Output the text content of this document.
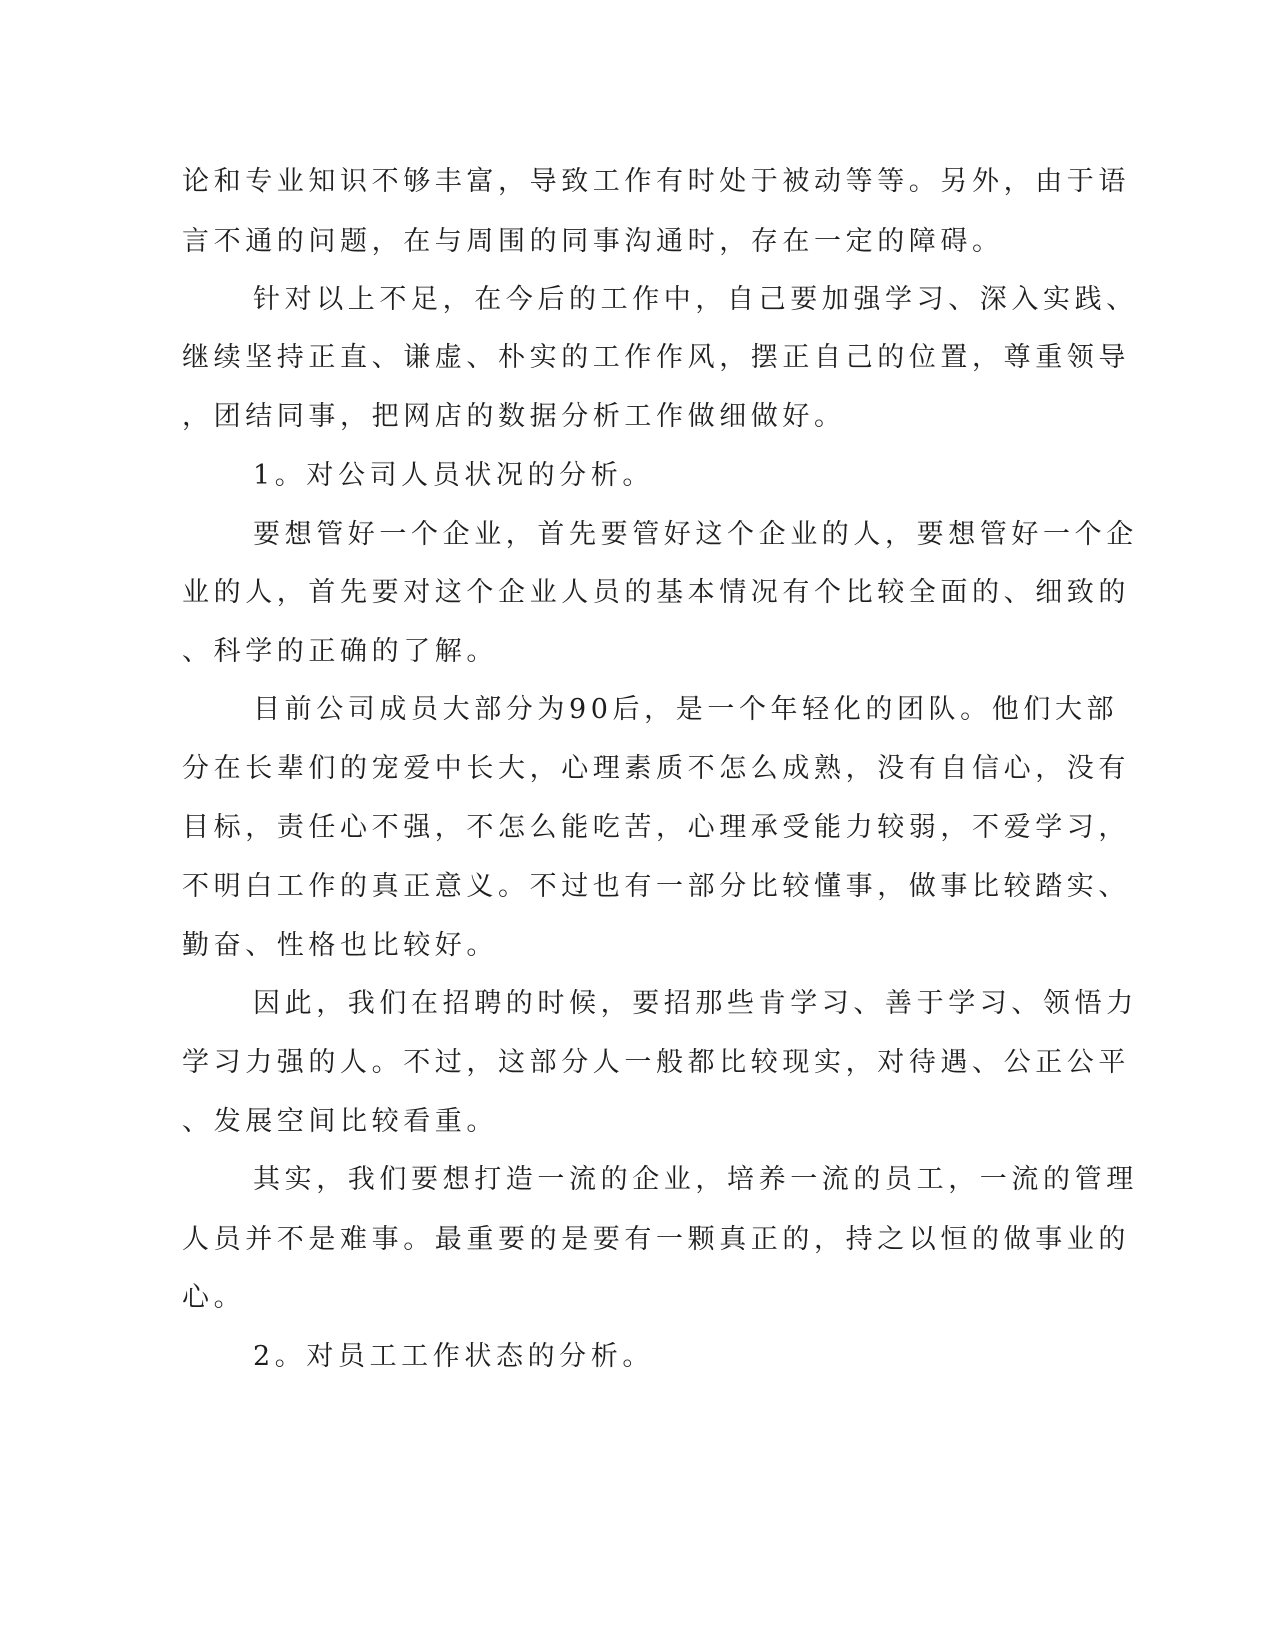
论和专业知识不够丰富，导致工作有时处于被动等等。另外，由于语
言不通的问题，在与周围的同事沟通时，存在一定的障碍。
针对以上不足，在今后的工作中，自己要加强学习、深入实践、
继续坚持正直、谦虚、朴实的工作作风，摆正自己的位置，尊重领导
，团结同事，把网店的数据分析工作做细做好。
1。对公司人员状况的分析。
要想管好一个企业，首先要管好这个企业的人，要想管好一个企
业的人，首先要对这个企业人员的基本情况有个比较全面的、细致的
、科学的正确的了解。
目前公司成员大部分为90后，是一个年轻化的团队。他们大部
分在长辈们的宠爱中长大，心理素质不怎么成熟，没有自信心，没有
目标，责任心不强，不怎么能吃苦，心理承受能力较弱，不爱学习，
不明白工作的真正意义。不过也有一部分比较懂事，做事比较踏实、
勤奋、性格也比较好。
因此，我们在招聘的时候，要招那些肯学习、善于学习、领悟力
学习力强的人。不过，这部分人一般都比较现实，对待遇、公正公平
、发展空间比较看重。
其实，我们要想打造一流的企业，培养一流的员工，一流的管理
人员并不是难事。最重要的是要有一颗真正的，持之以恒的做事业的
心。
2。对员工工作状态的分析。
